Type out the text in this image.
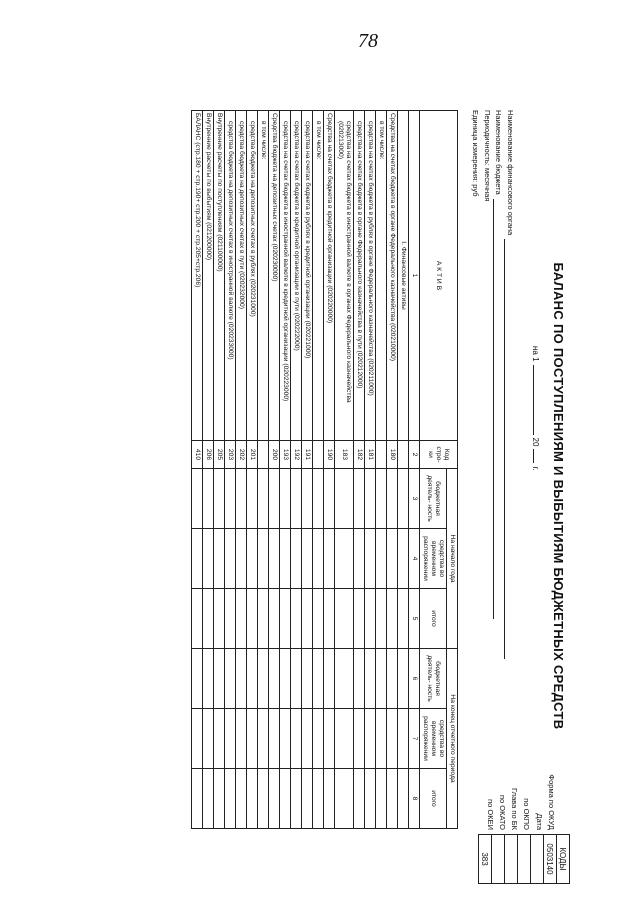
78
БАЛАНС ПО ПОСТУПЛЕНИЯМ И ВЫБЫТИЯМ БЮДЖЕТНЫХ СРЕДСТВ
КОДЫ
0503140

383
Форма по ОКУД
Дата
по ОКПО
Глава по БК
по ОКАТО
по ОКЕИ
на 120г.
Наименование финансового органа
Наименование бюджета
Периодичность: месячная
Единица измерения: руб
А К Т И В	Код стро- ки	На начало года			На конец отчетного периода		
		бюджетная деятель- ность	средства во временном распоряжении	итого	бюджетная деятель- ность	средства во временном распоряжении	итого
1	2	3	4	5	6	7	8
I. Финансовые активы							
Средства на счетах бюджета в органе Федерального казначейства (020210000)	180						
в том числе:							
средства на счетах бюджета в рублях в органе Федерального казначейства (020211000)	181						
средства на счетах бюджета в органе Федерального казначейства в пути (020212000)	182						
средства на счетах бюджета в иностранной валюте в органах Федерального казначейства (020213000)	183						
Средства на счетах бюджета в кредитной организации (020220000)	190						
в том числе:							
средства на счетах бюджета в рублях в кредитной организации (020221000)	191						
средства на счетах бюджета в кредитной организации в пути (020222000)	192						
средства на счетах бюджета в иностранной валюте в кредитной организации (020223000)	193						
Средства бюджета на депозитных счетах (020230000)	200						
в том числе:							
средства бюджета на депозитных счетах в рублях (020231000)	201						
средства бюджета на депозитных счетах в пути (020232000)	202						
средства бюджета на депозитных счетах в иностранной валюте (020233000)	203						
Внутренние расчеты по поступлениям (021100000)	205						
Внутренние расчеты по выбытиям (021200000)	206						
БАЛАНС (стр.180 + стр.190+ стр.200 + стр.205+стр.206)	410						
